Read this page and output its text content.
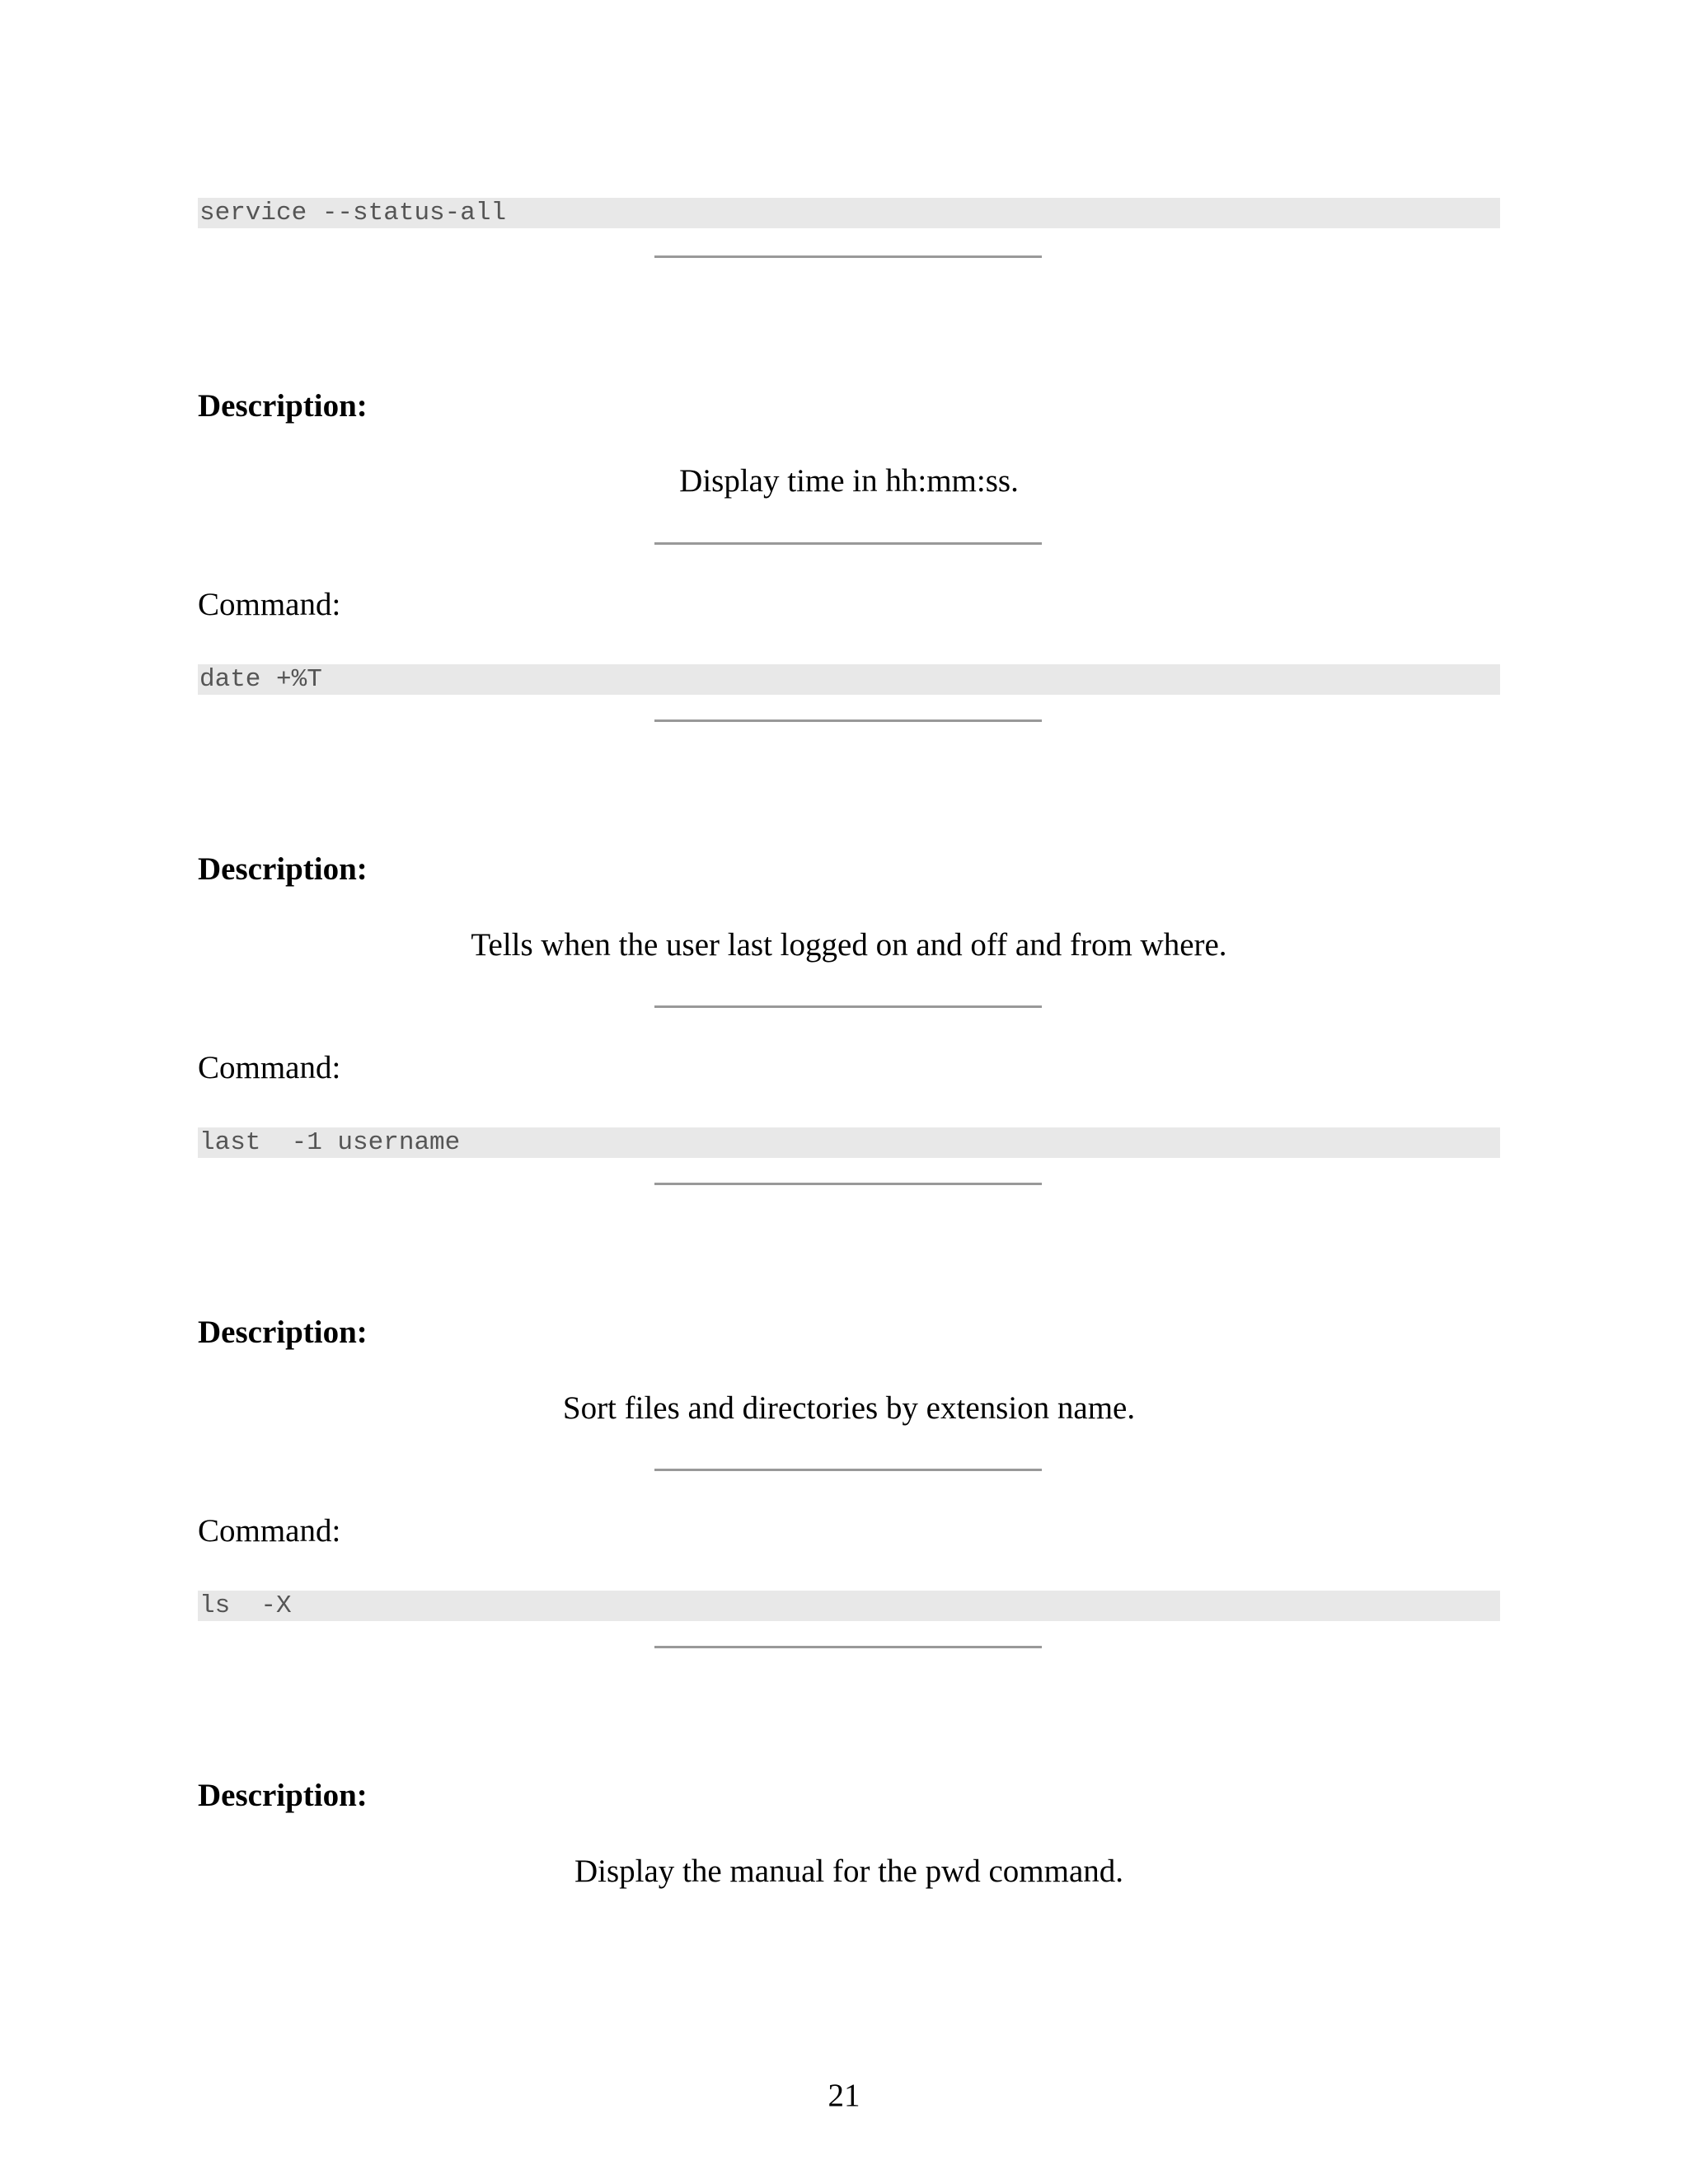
service --status-all
Description:
Display time in hh:mm:ss.
Command:
date +%T
Description:
Tells when the user last logged on and off and from where.
Command:
last  -1 username
Description:
Sort files and directories by extension name.
Command:
ls  -X
Description:
Display the manual for the pwd command.
21
